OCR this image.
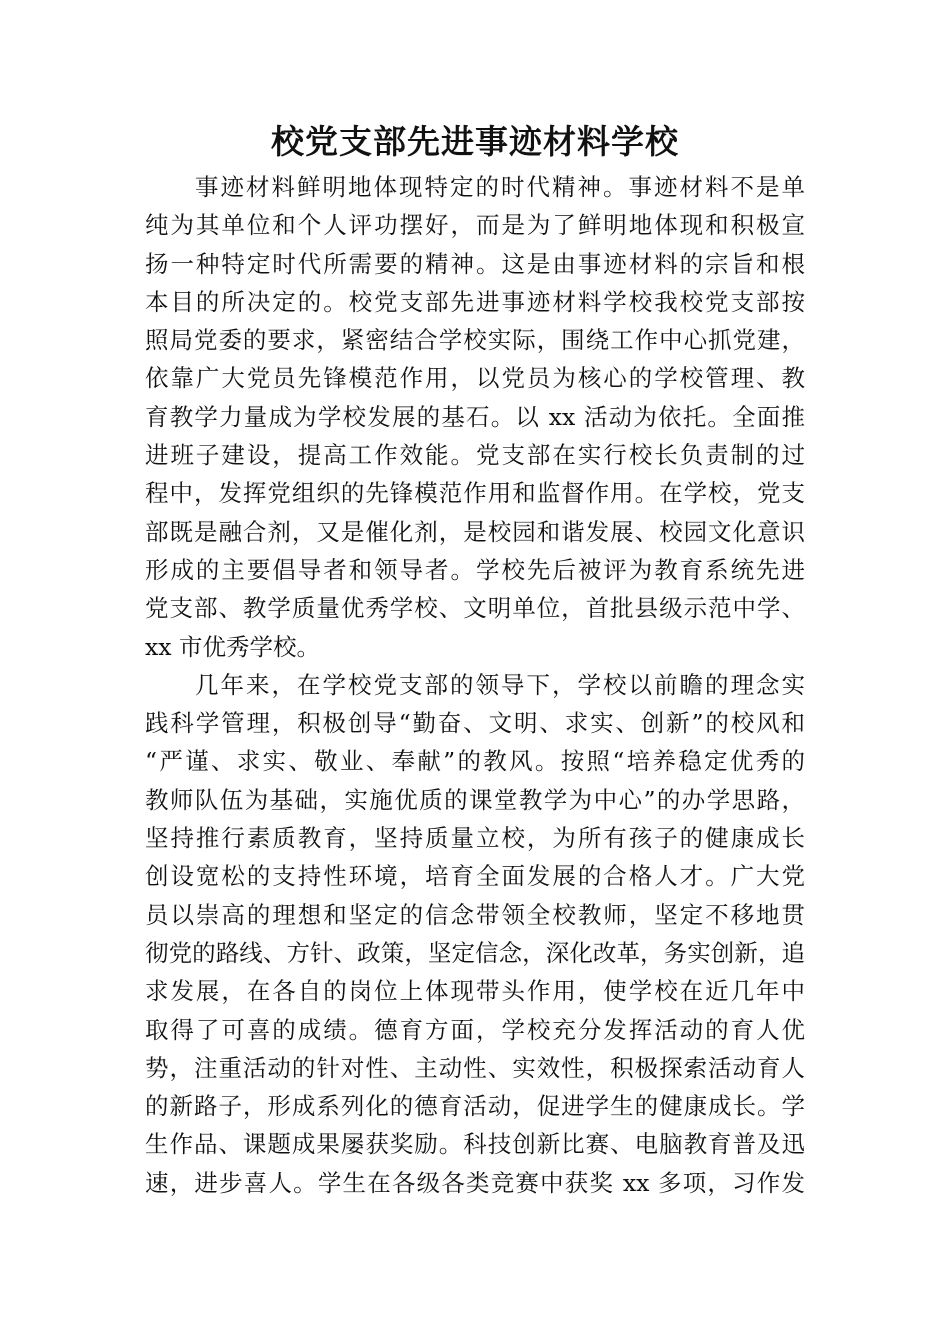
校党支部先进事迹材料学校

事迹材料鲜明地体现特定的时代精神。事迹材料不是单

纯为其单位和个人评功摆好，而是为了鲜明地体现和积极宣

扬一种特定时代所需要的精神。这是由事迹材料的宗旨和根

本目的所决定的。校党支部先进事迹材料学校我校党支部按

照局党委的要求，紧密结合学校实际，围绕工作中心抓党建，

依靠广大党员先锋模范作用，以党员为核心的学校管理、教

育教学力量成为学校发展的基石。以 xx 活动为依托。全面推

进班子建设，提高工作效能。党支部在实行校长负责制的过

程中，发挥党组织的先锋模范作用和监督作用。在学校，党支

部既是融合剂，又是催化剂，是校园和谐发展、校园文化意识

形成的主要倡导者和领导者。学校先后被评为教育系统先进

党支部、教学质量优秀学校、文明单位，首批县级示范中学、

xx 市优秀学校。

几年来，在学校党支部的领导下，学校以前瞻的理念实

践科学管理，积极创导“勤奋、文明、求实、创新”的校风和

“严谨、求实、敬业、奉献”的教风。按照“培养稳定优秀的

教师队伍为基础，实施优质的课堂教学为中心”的办学思路，

坚持推行素质教育，坚持质量立校，为所有孩子的健康成长

创设宽松的支持性环境，培育全面发展的合格人才。广大党

员以崇高的理想和坚定的信念带领全校教师，坚定不移地贯

彻党的路线、方针、政策，坚定信念，深化改革，务实创新，追

求发展，在各自的岗位上体现带头作用，使学校在近几年中

取得了可喜的成绩。德育方面，学校充分发挥活动的育人优

势，注重活动的针对性、主动性、实效性，积极探索活动育人

的新路子，形成系列化的德育活动，促进学生的健康成长。学

生作品、课题成果屡获奖励。科技创新比赛、电脑教育普及迅

速，进步喜人。学生在各级各类竞赛中获奖 xx 多项，习作发
